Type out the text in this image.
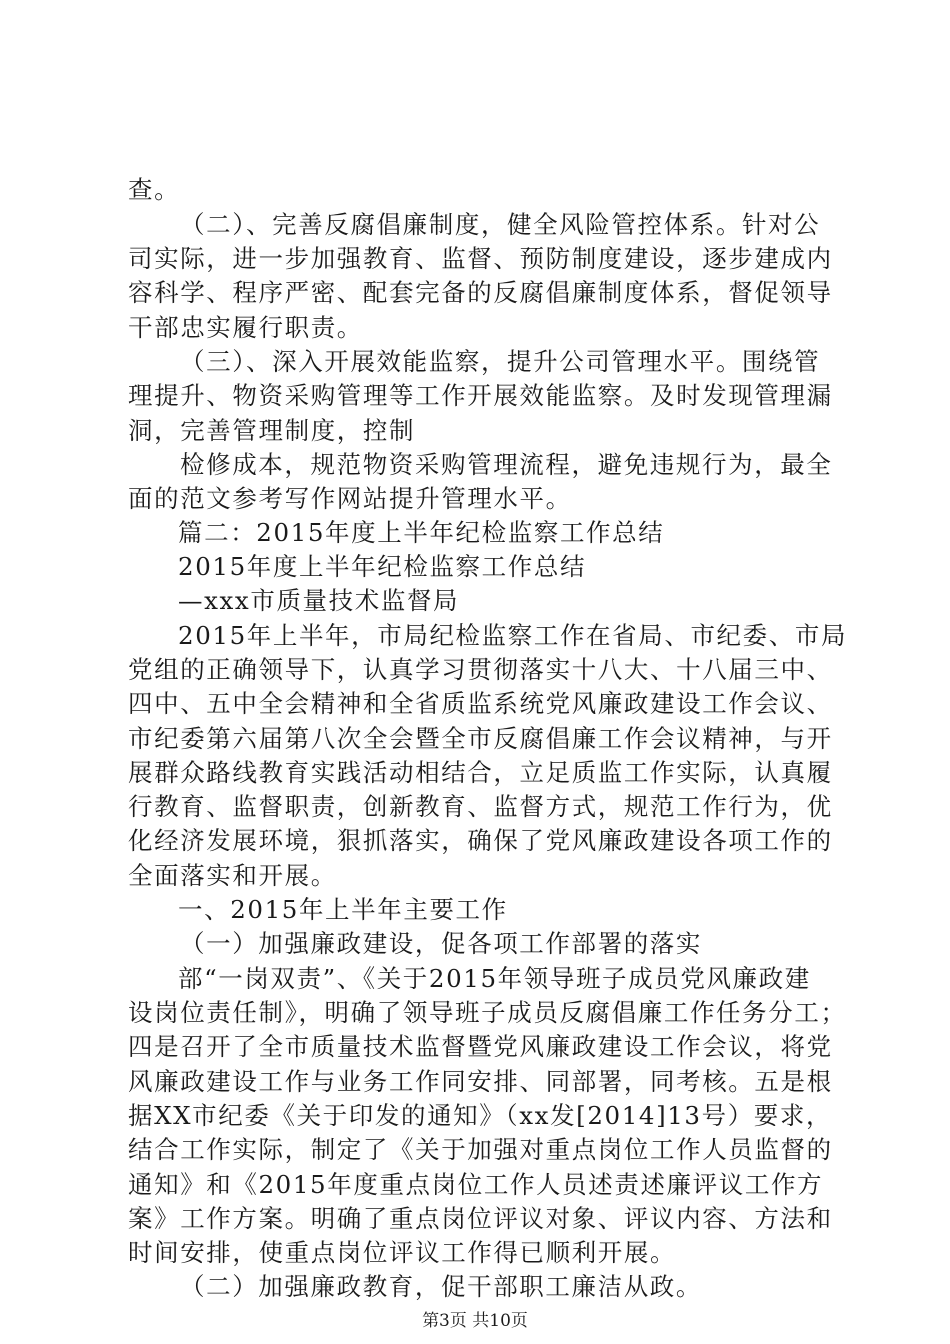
查。
（二）、完善反腐倡廉制度，健全风险管控体系。针对公
司实际，进一步加强教育、监督、预防制度建设，逐步建成内
容科学、程序严密、配套完备的反腐倡廉制度体系，督促领导
干部忠实履行职责。
（三）、深入开展效能监察，提升公司管理水平。围绕管
理提升、物资采购管理等工作开展效能监察。及时发现管理漏
洞，完善管理制度，控制
检修成本，规范物资采购管理流程，避免违规行为，最全
面的范文参考写作网站提升管理水平。
篇二：2015年度上半年纪检监察工作总结
2015年度上半年纪检监察工作总结
—xxx市质量技术监督局
2015年上半年，市局纪检监察工作在省局、市纪委、市局
党组的正确领导下，认真学习贯彻落实十八大、十八届三中、
四中、五中全会精神和全省质监系统党风廉政建设工作会议、
市纪委第六届第八次全会暨全市反腐倡廉工作会议精神，与开
展群众路线教育实践活动相结合，立足质监工作实际，认真履
行教育、监督职责，创新教育、监督方式，规范工作行为，优
化经济发展环境，狠抓落实，确保了党风廉政建设各项工作的
全面落实和开展。
一、2015年上半年主要工作
（一）加强廉政建设，促各项工作部署的落实
部“一岗双责”、《关于2015年领导班子成员党风廉政建
设岗位责任制》，明确了领导班子成员反腐倡廉工作任务分工；
四是召开了全市质量技术监督暨党风廉政建设工作会议，将党
风廉政建设工作与业务工作同安排、同部署，同考核。五是根
据XX市纪委《关于印发的通知》（xx发[2014]13号）要求，
结合工作实际，制定了《关于加强对重点岗位工作人员监督的
通知》和《2015年度重点岗位工作人员述责述廉评议工作方
案》工作方案。明确了重点岗位评议对象、评议内容、方法和
时间安排，使重点岗位评议工作得已顺利开展。
（二）加强廉政教育，促干部职工廉洁从政。
第3页 共10页
